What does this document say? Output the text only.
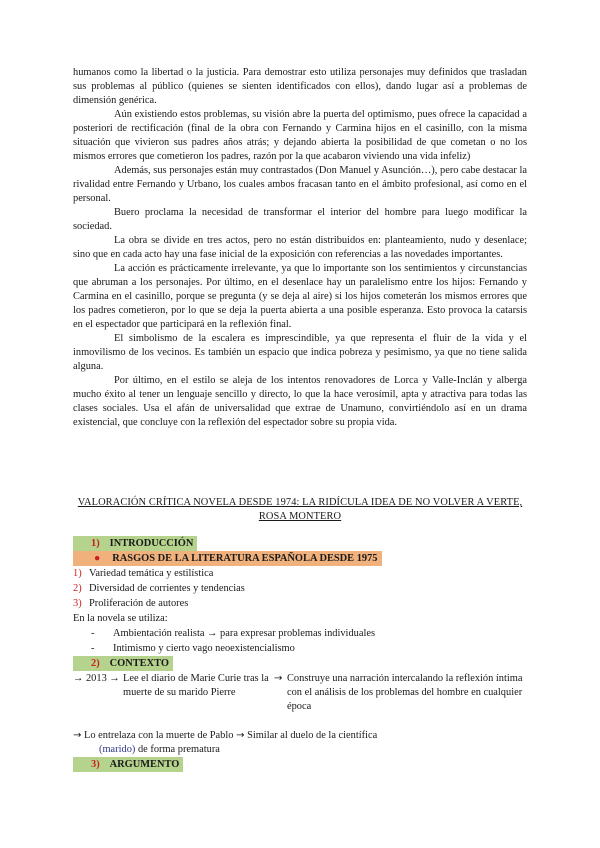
humanos como la libertad o la justicia. Para demostrar esto utiliza personajes muy definidos que trasladan sus problemas al público (quienes se sienten identificados con ellos), dando lugar así a problemas de dimensión genérica.

Aún existiendo estos problemas, su visión abre la puerta del optimismo, pues ofrece la capacidad a posteriori de rectificación (final de la obra con Fernando y Carmina hijos en el casinillo, con la misma situación que vivieron sus padres años atrás; y dejando abierta la posibilidad de que cometan o no los mismos errores que cometieron los padres, razón por la que acabaron viviendo una vida infeliz)

Además, sus personajes están muy contrastados (Don Manuel y Asunción…), pero cabe destacar la rivalidad entre Fernando y Urbano, los cuales ambos fracasan tanto en el ámbito profesional, así como en el personal.

Buero proclama la necesidad de transformar el interior del hombre para luego modificar la sociedad.

La obra se divide en tres actos, pero no están distribuidos en: planteamiento, nudo y desenlace; sino que en cada acto hay una fase inicial de la exposición con referencias a las novedades importantes.

La acción es prácticamente irrelevante, ya que lo importante son los sentimientos y circunstancias que abruman a los personajes. Por último, en el desenlace hay un paralelismo entre los hijos: Fernando y Carmina en el casinillo, porque se pregunta (y se deja al aire) si los hijos cometerán los mismos errores que los padres cometieron, por lo que se deja la puerta abierta a una posible esperanza. Esto provoca la catarsis en el espectador que participará en la reflexión final.

El simbolismo de la escalera es imprescindible, ya que representa el fluir de la vida y el inmovilismo de los vecinos. Es también un espacio que indica pobreza y pesimismo, ya que no tiene salida alguna.

Por último, en el estilo se aleja de los intentos renovadores de Lorca y Valle-Inclán y alberga mucho éxito al tener un lenguaje sencillo y directo, lo que la hace verosímil, apta y atractiva para todas las clases sociales. Usa el afán de universalidad que extrae de Unamuno, convirtiéndolo así en un drama existencial, que concluye con la reflexión del espectador sobre su propia vida.

VALORACIÓN CRÍTICA NOVELA DESDE 1974: LA RIDÍCULA IDEA DE NO VOLVER A VERTE,
ROSA MONTERO
1) INTRODUCCIÓN
● RASGOS DE LA LITERATURA ESPAÑOLA DESDE 1975
1) Variedad temática y estilística
2) Diversidad de corrientes y tendencias
3) Proliferación de autores
En la novela se utiliza:
- Ambientación realista → para expresar problemas individuales
- Intimismo y cierto vago neoexistencialismo
2) CONTEXTO
→ 2013 → Lee el diario de Marie Curie tras la muerte de su marido Pierre
→ Construye una narración intercalando la reflexión íntima con el análisis de los problemas del hombre en cualquier época
→ Lo entrelaza con la muerte de Pablo → Similar al duelo de la científica
(marido) de forma prematura
3) ARGUMENTO
